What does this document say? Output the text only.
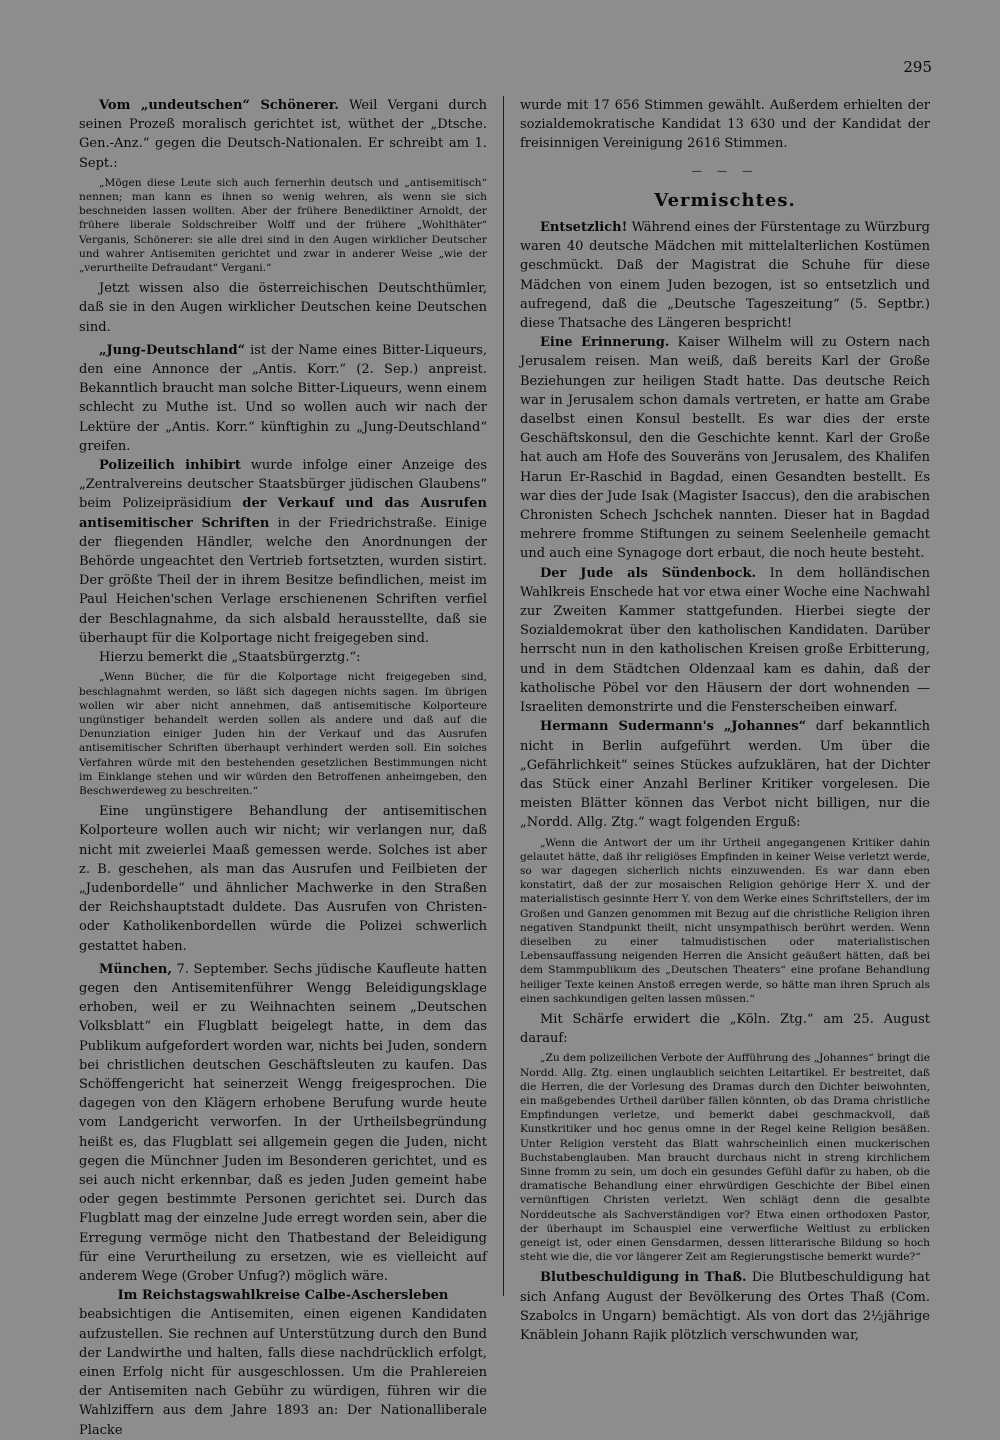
295

Vom „undeutschen“ Schönerer. Weil Vergani durch seinen Prozeß moralisch gerichtet ist, wüthet der „Dtsche. Gen.-Anz.“ gegen die Deutsch-Nationalen. Er schreibt am 1. Sept.:

„Mögen diese Leute sich auch fernerhin deutsch und „antisemitisch“ nennen; man kann es ihnen so wenig wehren, als wenn sie sich beschneiden lassen wollten. Aber der frühere Benediktiner Arnoldt, der frühere liberale Soldschreiber Wolff und der frühere „Wohlthäter“ Verganis, Schönerer: sie alle drei sind in den Augen wirklicher Deutscher und wahrer Antisemiten gerichtet und zwar in anderer Weise „wie der „verurtheilte Defraudant“ Vergani.“

Jetzt wissen also die österreichischen Deutschthümler, daß sie in den Augen wirklicher Deutschen keine Deutschen sind.

„Jung-Deutschland“ ist der Name eines Bitter-Liqueurs, den eine Annonce der „Antis. Korr.“ (2. Sep.) anpreist. Bekanntlich braucht man solche Bitter-Liqueurs, wenn einem schlecht zu Muthe ist. Und so wollen auch wir nach der Lektüre der „Antis. Korr.“ künftighin zu „Jung-Deutschland“ greifen.

Polizeilich inhibirt wurde infolge einer Anzeige des „Zentralvereins deutscher Staatsbürger jüdischen Glaubens“ beim Polizeipräsidium der Verkauf und das Ausrufen antisemitischer Schriften in der Friedrichstraße. Einige der fliegenden Händler, welche den Anordnungen der Behörde ungeachtet den Vertrieb fortsetzten, wurden sistirt. Der größte Theil der in ihrem Besitze befindlichen, meist im Paul Heichen'schen Verlage erschienenen Schriften verfiel der Beschlagnahme, da sich alsbald herausstellte, daß sie überhaupt für die Kolportage nicht freigegeben sind.

Hierzu bemerkt die „Staatsbürgerztg.“:

„Wenn Bücher, die für die Kolportage nicht freigegeben sind, beschlagnahmt werden, so läßt sich dagegen nichts sagen. Im übrigen wollen wir aber nicht annehmen, daß antisemitische Kolporteure ungünstiger behandelt werden sollen als andere und daß auf die Denunziation einiger Juden hin der Verkauf und das Ausrufen antisemitischer Schriften überhaupt verhindert werden soll. Ein solches Verfahren würde mit den bestehenden gesetzlichen Bestimmungen nicht im Einklange stehen und wir würden den Betroffenen anheimgeben, den Beschwerdeweg zu beschreiten.“

Eine ungünstigere Behandlung der antisemitischen Kolporteure wollen auch wir nicht; wir verlangen nur, daß nicht mit zweierlei Maaß gemessen werde. Solches ist aber z. B. geschehen, als man das Ausrufen und Feilbieten der „Judenbordelle“ und ähnlicher Machwerke in den Straßen der Reichshauptstadt duldete. Das Ausrufen von Christen- oder Katholikenbordellen würde die Polizei schwerlich gestattet haben.

München, 7. September. Sechs jüdische Kaufleute hatten gegen den Antisemitenführer Wengg Beleidigungsklage erhoben, weil er zu Weihnachten seinem „Deutschen Volksblatt“ ein Flugblatt beigelegt hatte, in dem das Publikum aufgefordert worden war, nichts bei Juden, sondern bei christlichen deutschen Geschäftsleuten zu kaufen. Das Schöffengericht hat seinerzeit Wengg freigesprochen. Die dagegen von den Klägern erhobene Berufung wurde heute vom Landgericht verworfen. In der Urtheilsbegründung heißt es, das Flugblatt sei allgemein gegen die Juden, nicht gegen die Münchner Juden im Besonderen gerichtet, und es sei auch nicht erkennbar, daß es jeden Juden gemeint habe oder gegen bestimmte Personen gerichtet sei. Durch das Flugblatt mag der einzelne Jude erregt worden sein, aber die Erregung vermöge nicht den Thatbestand der Beleidigung für eine Verurtheilung zu ersetzen, wie es vielleicht auf anderem Wege (Grober Unfug?) möglich wäre.

Im Reichstagswahlkreise Calbe-Aschersleben

beabsichtigen die Antisemiten, einen eigenen Kandidaten aufzustellen. Sie rechnen auf Unterstützung durch den Bund der Landwirthe und halten, falls diese nachdrücklich erfolgt, einen Erfolg nicht für ausgeschlossen. Um die Prahlereien der Antisemiten nach Gebühr zu würdigen, führen wir die Wahlziffern aus dem Jahre 1893 an: Der Nationalliberale Placke

wurde mit 17 656 Stimmen gewählt. Außerdem erhielten der sozialdemokratische Kandidat 13 630 und der Kandidat der freisinnigen Vereinigung 2616 Stimmen.

— — —

Vermischtes.

Entsetzlich! Während eines der Fürstentage zu Würzburg waren 40 deutsche Mädchen mit mittelalterlichen Kostümen geschmückt. Daß der Magistrat die Schuhe für diese Mädchen von einem Juden bezogen, ist so entsetzlich und aufregend, daß die „Deutsche Tageszeitung“ (5. Septbr.) diese Thatsache des Längeren bespricht!

Eine Erinnerung. Kaiser Wilhelm will zu Ostern nach Jerusalem reisen. Man weiß, daß bereits Karl der Große Beziehungen zur heiligen Stadt hatte. Das deutsche Reich war in Jerusalem schon damals vertreten, er hatte am Grabe daselbst einen Konsul bestellt. Es war dies der erste Geschäftskonsul, den die Geschichte kennt. Karl der Große hat auch am Hofe des Souveräns von Jerusalem, des Khalifen Harun Er-Raschid in Bagdad, einen Gesandten bestellt. Es war dies der Jude Isak (Magister Isaccus), den die arabischen Chronisten Schech Jschchek nannten. Dieser hat in Bagdad mehrere fromme Stiftungen zu seinem Seelenheile gemacht und auch eine Synagoge dort erbaut, die noch heute besteht.

Der Jude als Sündenbock. In dem holländischen Wahlkreis Enschede hat vor etwa einer Woche eine Nachwahl zur Zweiten Kammer stattgefunden. Hierbei siegte der Sozialdemokrat über den katholischen Kandidaten. Darüber herrscht nun in den katholischen Kreisen große Erbitterung, und in dem Städtchen Oldenzaal kam es dahin, daß der katholische Pöbel vor den Häusern der dort wohnenden — Israeliten demonstrirte und die Fensterscheiben einwarf.

Hermann Sudermann's „Johannes“ darf bekanntlich nicht in Berlin aufgeführt werden. Um über die „Gefährlichkeit“ seines Stückes aufzuklären, hat der Dichter das Stück einer Anzahl Berliner Kritiker vorgelesen. Die meisten Blätter können das Verbot nicht billigen, nur die „Nordd. Allg. Ztg.“ wagt folgenden Erguß:

„Wenn die Antwort der um ihr Urtheil angegangenen Kritiker dahin gelautet hätte, daß ihr religiöses Empfinden in keiner Weise verletzt werde, so war dagegen sicherlich nichts einzuwenden. Es war dann eben konstatirt, daß der zur mosaischen Religion gehörige Herr X. und der materialistisch gesinnte Herr Y. von dem Werke eines Schriftstellers, der im Großen und Ganzen genommen mit Bezug auf die christliche Religion ihren negativen Standpunkt theilt, nicht unsympathisch berührt werden. Wenn dieselben zu einer talmudistischen oder materialistischen Lebensauffassung neigenden Herren die Ansicht geäußert hätten, daß bei dem Stammpublikum des „Deutschen Theaters“ eine profane Behandlung heiliger Texte keinen Anstoß erregen werde, so hätte man ihren Spruch als einen sachkundigen gelten lassen müssen.“

Mit Schärfe erwidert die „Köln. Ztg.“ am 25. August darauf:

„Zu dem polizeilichen Verbote der Aufführung des „Johannes“ bringt die Nordd. Allg. Ztg. einen unglaublich seichten Leitartikel. Er bestreitet, daß die Herren, die der Vorlesung des Dramas durch den Dichter beiwohnten, ein maßgebendes Urtheil darüber fällen könnten, ob das Drama christliche Empfindungen verletze, und bemerkt dabei geschmackvoll, daß Kunstkritiker und hoc genus omne in der Regel keine Religion besäßen. Unter Religion versteht das Blatt wahrscheinlich einen muckerischen Buchstabenglauben. Man braucht durchaus nicht in streng kirchlichem Sinne fromm zu sein, um doch ein gesundes Gefühl dafür zu haben, ob die dramatische Behandlung einer ehrwürdigen Geschichte der Bibel einen vernünftigen Christen verletzt. Wen schlägt denn die gesalbte Norddeutsche als Sachverständigen vor? Etwa einen orthodoxen Pastor, der überhaupt im Schauspiel eine verwerfliche Weltlust zu erblicken geneigt ist, oder einen Gensdarmen, dessen litterarische Bildung so hoch steht wie die, die vor längerer Zeit am Regierungstische bemerkt wurde?“

Blutbeschuldigung in Thaß. Die Blutbeschuldigung hat sich Anfang August der Bevölkerung des Ortes Thaß (Com. Szabolcs in Ungarn) bemächtigt. Als von dort das 2½jährige Knäblein Johann Rajik plötzlich verschwunden war,
